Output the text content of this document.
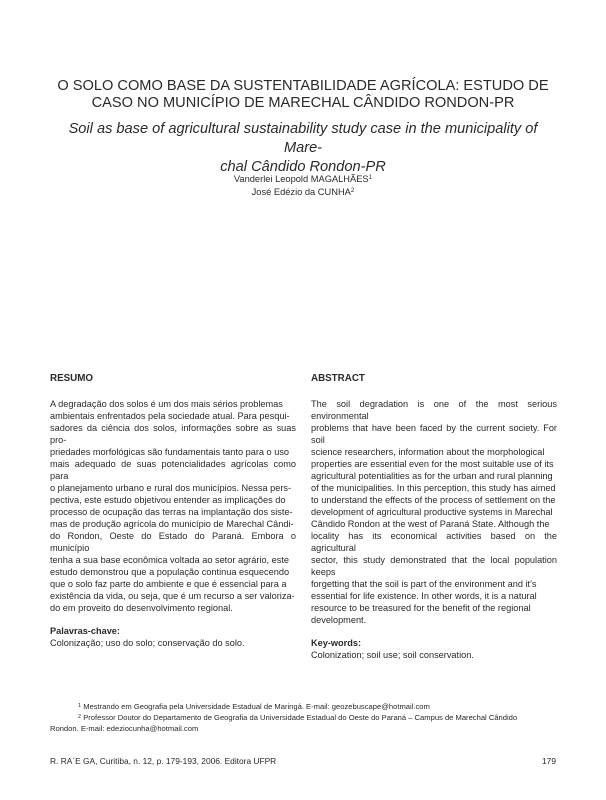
O SOLO COMO BASE DA SUSTENTABILIDADE AGRÍCOLA: ESTUDO DE
CASO NO MUNICÍPIO DE MARECHAL CÂNDIDO RONDON-PR
Soil as base of agricultural sustainability study case in the municipality of Mare-
chal Cândido Rondon-PR
Vanderlei Leopold MAGALHÃES$^1$
José Edézio da CUNHA$^2$
RESUMO

A degradação dos solos é um dos mais sérios problemas

ambientais enfrentados pela sociedade atual. Para pesqui-

sadores da ciência dos solos, informações sobre as suas pro-

priedades morfológicas são fundamentais tanto para o uso

mais adequado de suas potencialidades agrícolas como para

o planejamento urbano e rural dos municípios. Nessa pers-

pectiva, este estudo objetivou entender as implicações do

processo de ocupação das terras na implantação dos siste-

mas de produção agrícola do município de Marechal Cândi-

do Rondon, Oeste do Estado do Paraná. Embora o município

tenha a sua base econômica voltada ao setor agrário, este

estudo demonstrou que a população continua esquecendo

que o solo faz parte do ambiente e que é essencial para a

existência da vida, ou seja, que é um recurso a ser valoriza-

do em proveito do desenvolvimento regional.

Palavras-chave:

Colonização; uso do solo; conservação do solo.

ABSTRACT

The soil degradation is one of the most serious environmental

problems that have been faced by the current society. For soil

science researchers, information about the morphological

properties are essential even for the most suitable use of its

agricultural potentialities as for the urban and rural planning

of the municipalities. In this perception, this study has aimed

to understand the effects of the process of settlement on the

development of agricultural productive systems in Marechal

Cândido Rondon at the west of Paraná State. Although the

locality has its economical activities based on the agricultural

sector, this study demonstrated that the local population keeps

forgetting that the soil is part of the environment and it's

essential for life existence. In other words, it is a natural

resource to be treasured for the benefit of the regional

development.

Key-words:

Colonization; soil use; soil conservation.

$^1$ Mestrando em Geografia pela Universidade Estadual de Maringá. E-mail: geozebuscape@hotmail.com
$^2$ Professor Doutor do Departamento de Geografia da Universidade Estadual do Oeste do Paraná – Campus de Marechal Cândido
Rondon. E-mail: edeziocunha@hotmail.com
R. RA´E GA, Curitiba, n. 12, p. 179-193, 2006. Editora UFPR	179
